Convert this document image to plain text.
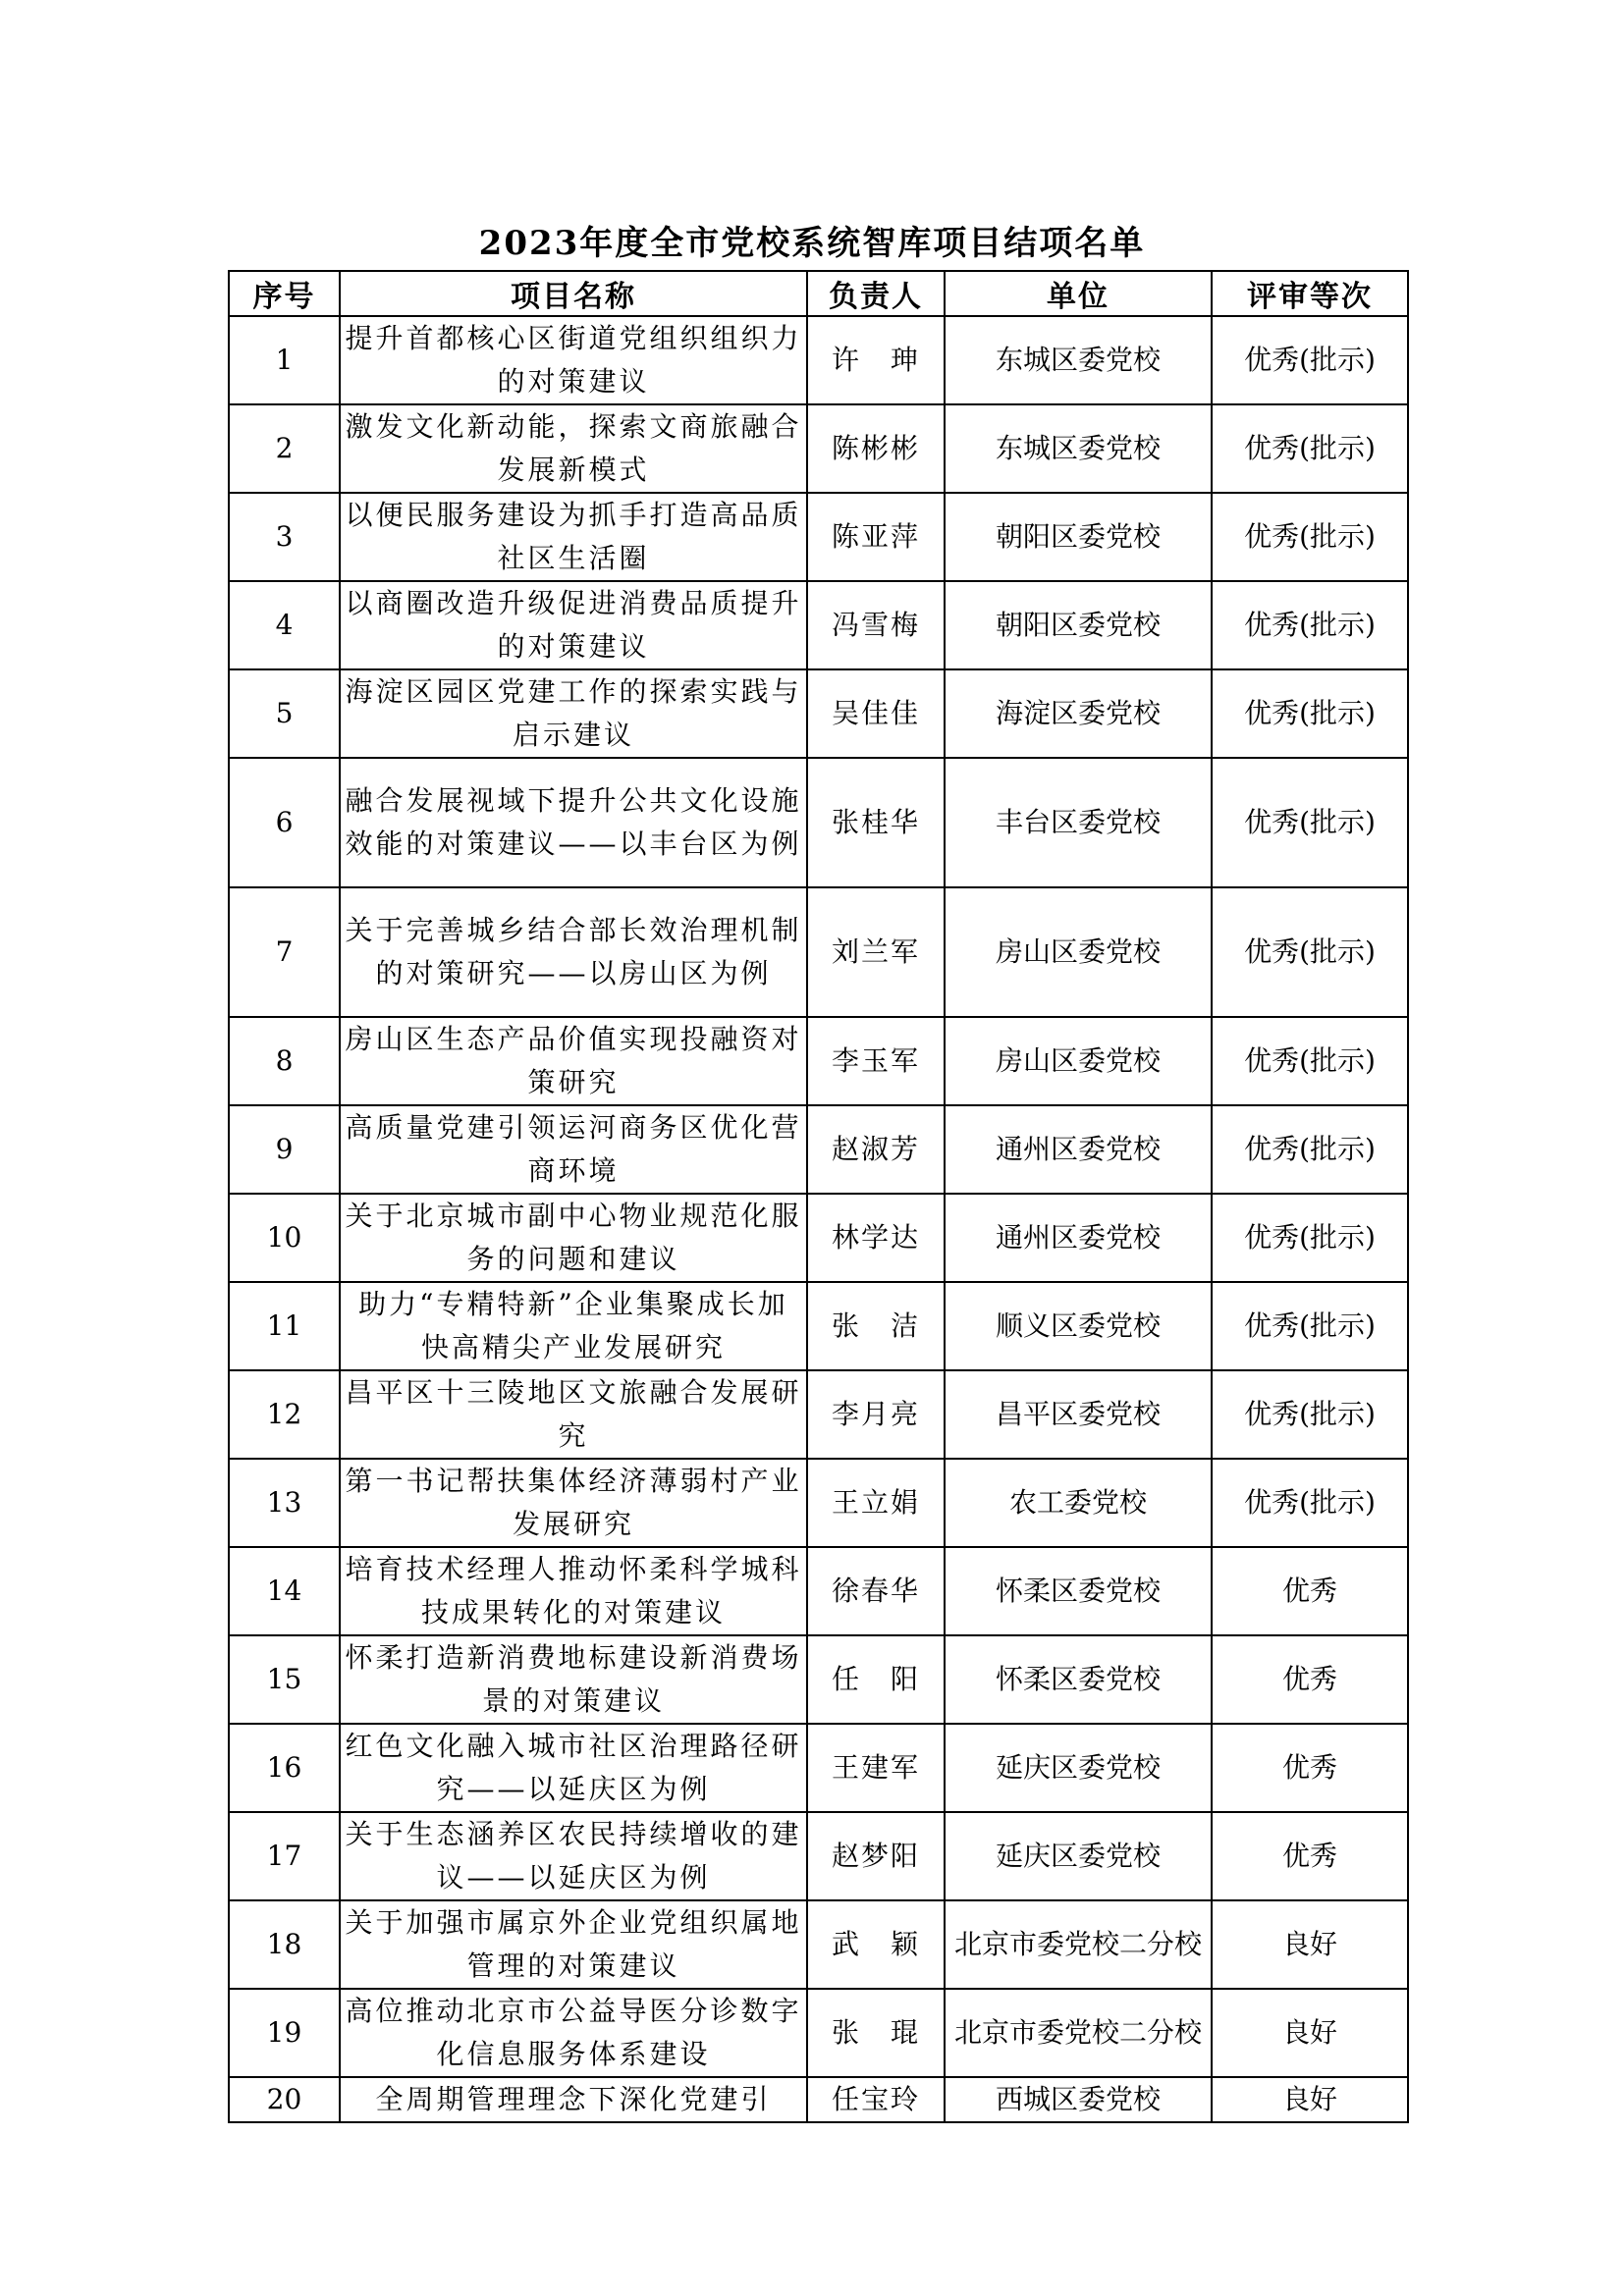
2023年度全市党校系统智库项目结项名单
序号	项目名称	负责人	单位	评审等次
1	提升首都核心区街道党组织组织力的对策建议	许　珅	东城区委党校	优秀(批示)
2	激发文化新动能，探索文商旅融合发展新模式	陈彬彬	东城区委党校	优秀(批示)
3	以便民服务建设为抓手打造高品质社区生活圈	陈亚萍	朝阳区委党校	优秀(批示)
4	以商圈改造升级促进消费品质提升的对策建议	冯雪梅	朝阳区委党校	优秀(批示)
5	海淀区园区党建工作的探索实践与启示建议	吴佳佳	海淀区委党校	优秀(批示)
6	融合发展视域下提升公共文化设施效能的对策建议——以丰台区为例	张桂华	丰台区委党校	优秀(批示)
7	关于完善城乡结合部长效治理机制的对策研究——以房山区为例	刘兰军	房山区委党校	优秀(批示)
8	房山区生态产品价值实现投融资对策研究	李玉军	房山区委党校	优秀(批示)
9	高质量党建引领运河商务区优化营商环境	赵淑芳	通州区委党校	优秀(批示)
10	关于北京城市副中心物业规范化服务的问题和建议	林学达	通州区委党校	优秀(批示)
11	助力“专精特新”企业集聚成长加快高精尖产业发展研究	张　洁	顺义区委党校	优秀(批示)
12	昌平区十三陵地区文旅融合发展研究	李月亮	昌平区委党校	优秀(批示)
13	第一书记帮扶集体经济薄弱村产业发展研究	王立娟	农工委党校	优秀(批示)
14	培育技术经理人推动怀柔科学城科技成果转化的对策建议	徐春华	怀柔区委党校	优秀
15	怀柔打造新消费地标建设新消费场景的对策建议	任　阳	怀柔区委党校	优秀
16	红色文化融入城市社区治理路径研究——以延庆区为例	王建军	延庆区委党校	优秀
17	关于生态涵养区农民持续增收的建议——以延庆区为例	赵梦阳	延庆区委党校	优秀
18	关于加强市属京外企业党组织属地管理的对策建议	武　颖	北京市委党校二分校	良好
19	高位推动北京市公益导医分诊数字化信息服务体系建设	张　琨	北京市委党校二分校	良好
20	全周期管理理念下深化党建引	任宝玲	西城区委党校	良好
